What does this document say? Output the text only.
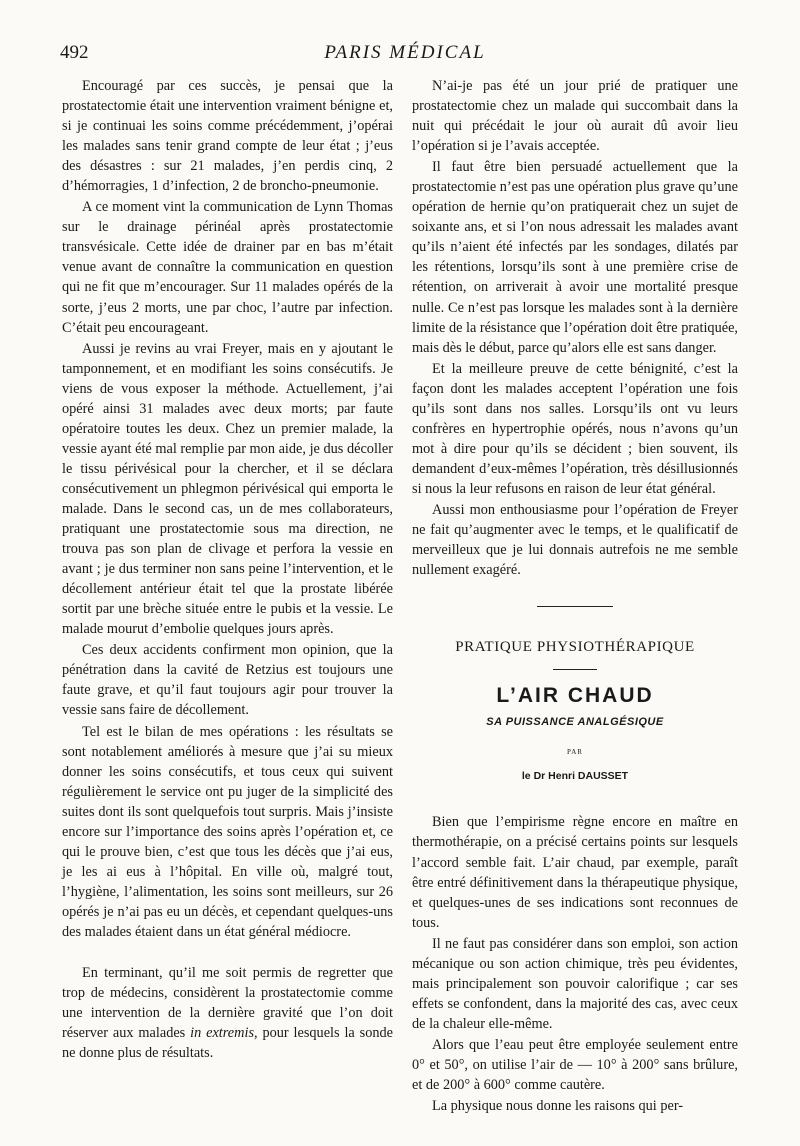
492	PARIS MÉDICAL

Encouragé par ces succès, je pensai que la prostatectomie était une intervention vraiment bénigne et, si je continuai les soins comme précédemment, j’opérai les malades sans tenir grand compte de leur état ; j’eus des désastres : sur 21 malades, j’en perdis cinq, 2 d’hémorragies, 1 d’infection, 2 de broncho-pneumonie.

A ce moment vint la communication de Lynn Thomas sur le drainage périnéal après prostatectomie transvésicale. Cette idée de drainer par en bas m’était venue avant de connaître la communication en question qui ne fit que m’encourager. Sur 11 malades opérés de la sorte, j’eus 2 morts, une par choc, l’autre par infection. C’était peu encourageant.

Aussi je revins au vrai Freyer, mais en y ajoutant le tamponnement, et en modifiant les soins consécutifs. Je viens de vous exposer la méthode. Actuellement, j’ai opéré ainsi 31 malades avec deux morts; par faute opératoire toutes les deux. Chez un premier malade, la vessie ayant été mal remplie par mon aide, je dus décoller le tissu périvésical pour la chercher, et il se déclara consécutivement un phlegmon périvésical qui emporta le malade. Dans le second cas, un de mes collaborateurs, pratiquant une prostatectomie sous ma direction, ne trouva pas son plan de clivage et perfora la vessie en avant ; je dus terminer non sans peine l’intervention, et le décollement antérieur était tel que la prostate libérée sortit par une brèche située entre le pubis et la vessie. Le malade mourut d’embolie quelques jours après.

Ces deux accidents confirment mon opinion, que la pénétration dans la cavité de Retzius est toujours une faute grave, et qu’il faut toujours agir pour trouver la vessie sans faire de décollement.

Tel est le bilan de mes opérations : les résultats se sont notablement améliorés à mesure que j’ai su mieux donner les soins consécutifs, et tous ceux qui suivent régulièrement le service ont pu juger de la simplicité des suites dont ils sont quelquefois tout surpris. Mais j’insiste encore sur l’importance des soins après l’opération et, ce qui le prouve bien, c’est que tous les décès que j’ai eus, je les ai eus à l’hôpital. En ville où, malgré tout, l’hygiène, l’alimentation, les soins sont meilleurs, sur 26 opérés je n’ai pas eu un décès, et cependant quelques-uns des malades étaient dans un état général médiocre.

En terminant, qu’il me soit permis de regretter que trop de médecins, considèrent la prostatectomie comme une intervention de la dernière gravité que l’on doit réserver aux malades in extremis, pour lesquels la sonde ne donne plus de résultats.

N’ai-je pas été un jour prié de pratiquer une prostatectomie chez un malade qui succombait dans la nuit qui précédait le jour où aurait dû avoir lieu l’opération si je l’avais acceptée.

Il faut être bien persuadé actuellement que la prostatectomie n’est pas une opération plus grave qu’une opération de hernie qu’on pratiquerait chez un sujet de soixante ans, et si l’on nous adressait les malades avant qu’ils n’aient été infectés par les sondages, dilatés par les rétentions, lorsqu’ils sont à une première crise de rétention, on arriverait à avoir une mortalité presque nulle. Ce n’est pas lorsque les malades sont à la dernière limite de la résistance que l’opération doit être pratiquée, mais dès le début, parce qu’alors elle est sans danger.

Et la meilleure preuve de cette bénignité, c’est la façon dont les malades acceptent l’opération une fois qu’ils sont dans nos salles. Lorsqu’ils ont vu leurs confrères en hypertrophie opérés, nous n’avons qu’un mot à dire pour qu’ils se décident ; bien souvent, ils demandent d’eux-mêmes l’opération, très désillusionnés si nous la leur refusons en raison de leur état général.

Aussi mon enthousiasme pour l’opération de Freyer ne fait qu’augmenter avec le temps, et le qualificatif de merveilleux que je lui donnais autrefois ne me semble nullement exagéré.

PRATIQUE PHYSIOTHÉRAPIQUE
L’AIR CHAUD
SA PUISSANCE ANALGÉSIQUE
PAR
le Dr Henri DAUSSET

Bien que l’empirisme règne encore en maître en thermothérapie, on a précisé certains points sur lesquels l’accord semble fait. L’air chaud, par exemple, paraît être entré définitivement dans la thérapeutique physique, et quelques-unes de ses indications sont reconnues de tous.

Il ne faut pas considérer dans son emploi, son action mécanique ou son action chimique, très peu évidentes, mais principalement son pouvoir calorifique ; car ses effets se confondent, dans la majorité des cas, avec ceux de la chaleur elle-même.

Alors que l’eau peut être employée seulement entre 0° et 50°, on utilise l’air de — 10° à 200° sans brûlure, et de 200° à 600° comme cautère.

La physique nous donne les raisons qui per-
